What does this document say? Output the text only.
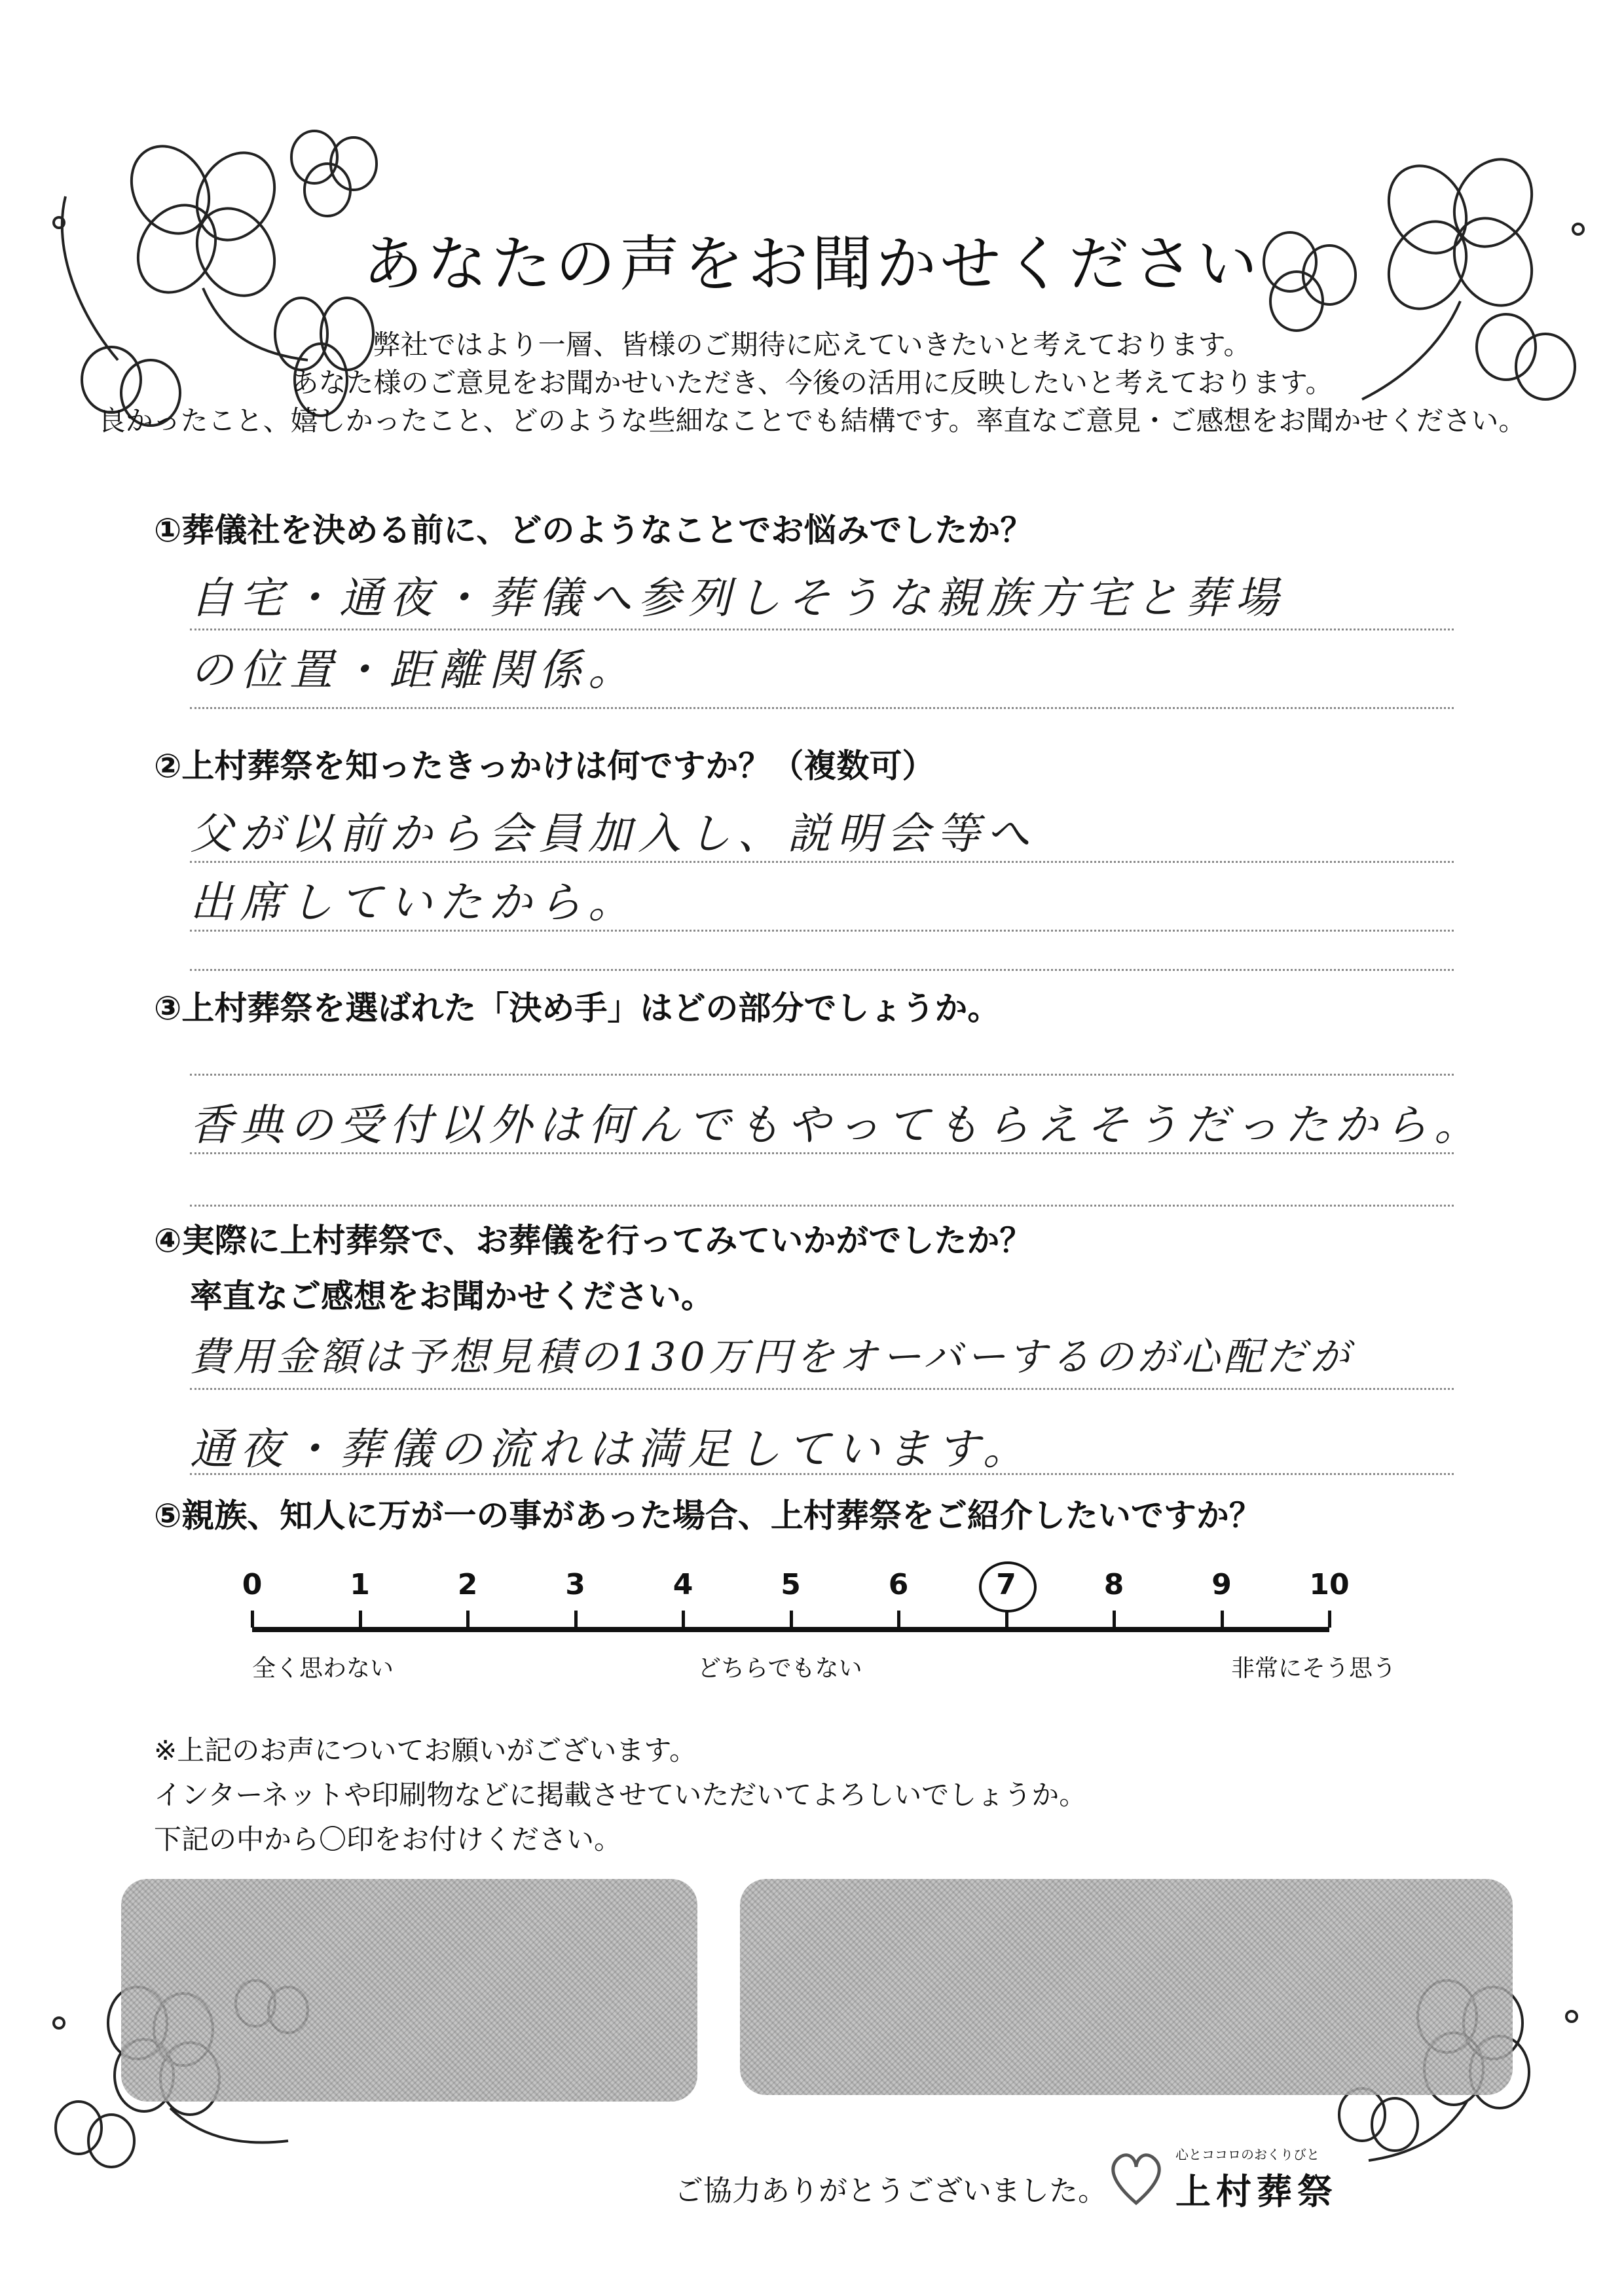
あなたの声をお聞かせください
弊社ではより一層、皆様のご期待に応えていきたいと考えております。
あなた様のご意見をお聞かせいただき、今後の活用に反映したいと考えております。
良かったこと、嬉しかったこと、どのような些細なことでも結構です。率直なご意見・ご感想をお聞かせください。
①葬儀社を決める前に、どのようなことでお悩みでしたか？
自宅・通夜・葬儀へ参列しそうな親族方宅と葬場
の位置・距離関係。
②上村葬祭を知ったきっかけは何ですか？（複数可）
父が以前から会員加入し、説明会等へ
出席していたから。
③上村葬祭を選ばれた「決め手」はどの部分でしょうか。
香典の受付以外は何んでもやってもらえそうだったから。
④実際に上村葬祭で、お葬儀を行ってみていかがでしたか？
率直なご感想をお聞かせください。
費用金額は予想見積の130万円をオーバーするのが心配だが
通夜・葬儀の流れは満足しています。
⑤親族、知人に万が一の事があった場合、上村葬祭をご紹介したいですか？
0	1	2	3	4	5	6	7	8	9	10
全く思わない	どちらでもない	非常にそう思う
※上記のお声についてお願いがございます。
インターネットや印刷物などに掲載させていただいてよろしいでしょうか。
下記の中から〇印をお付けください。
ご協力ありがとうございました。
心とココロのおくりびと
上村葬祭
